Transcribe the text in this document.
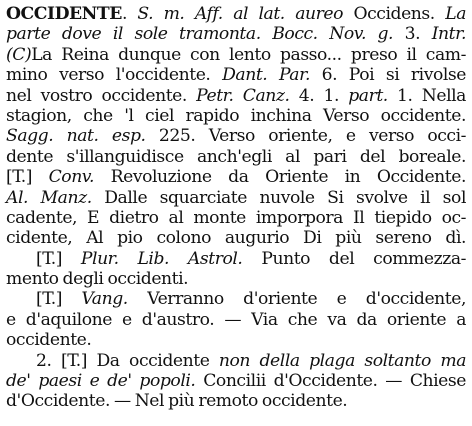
OCCIDENTE. S. m. Aff. al lat. aureo Occidens. La
parte dove il sole tramonta. Bocc. Nov. g. 3. Intr.
(C)La Reina dunque con lento passo... preso il cam-
mino verso l'occidente. Dant. Par. 6. Poi si rivolse
nel vostro occidente. Petr. Canz. 4. 1. part. 1. Nella
stagion, che 'l ciel rapido inchina Verso occidente.
Sagg. nat. esp. 225. Verso oriente, e verso occi-
dente s'illanguidisce anch'egli al pari del boreale.
[T.] Conv. Revoluzione da Oriente in Occidente.
Al. Manz. Dalle squarciate nuvole Si svolve il sol
cadente, E dietro al monte imporpora Il tiepido oc-
cidente, Al pio colono augurio Di più sereno dì.
[T.] Plur. Lib. Astrol. Punto del commezza-
mento degli occidenti.
[T.] Vang. Verranno d'oriente e d'occidente,
e d'aquilone e d'austro. — Via che va da oriente a
occidente.
2. [T.] Da occidente non della plaga soltanto ma
de' paesi e de' popoli. Concilii d'Occidente. — Chiese
d'Occidente. — Nel più remoto occidente.
